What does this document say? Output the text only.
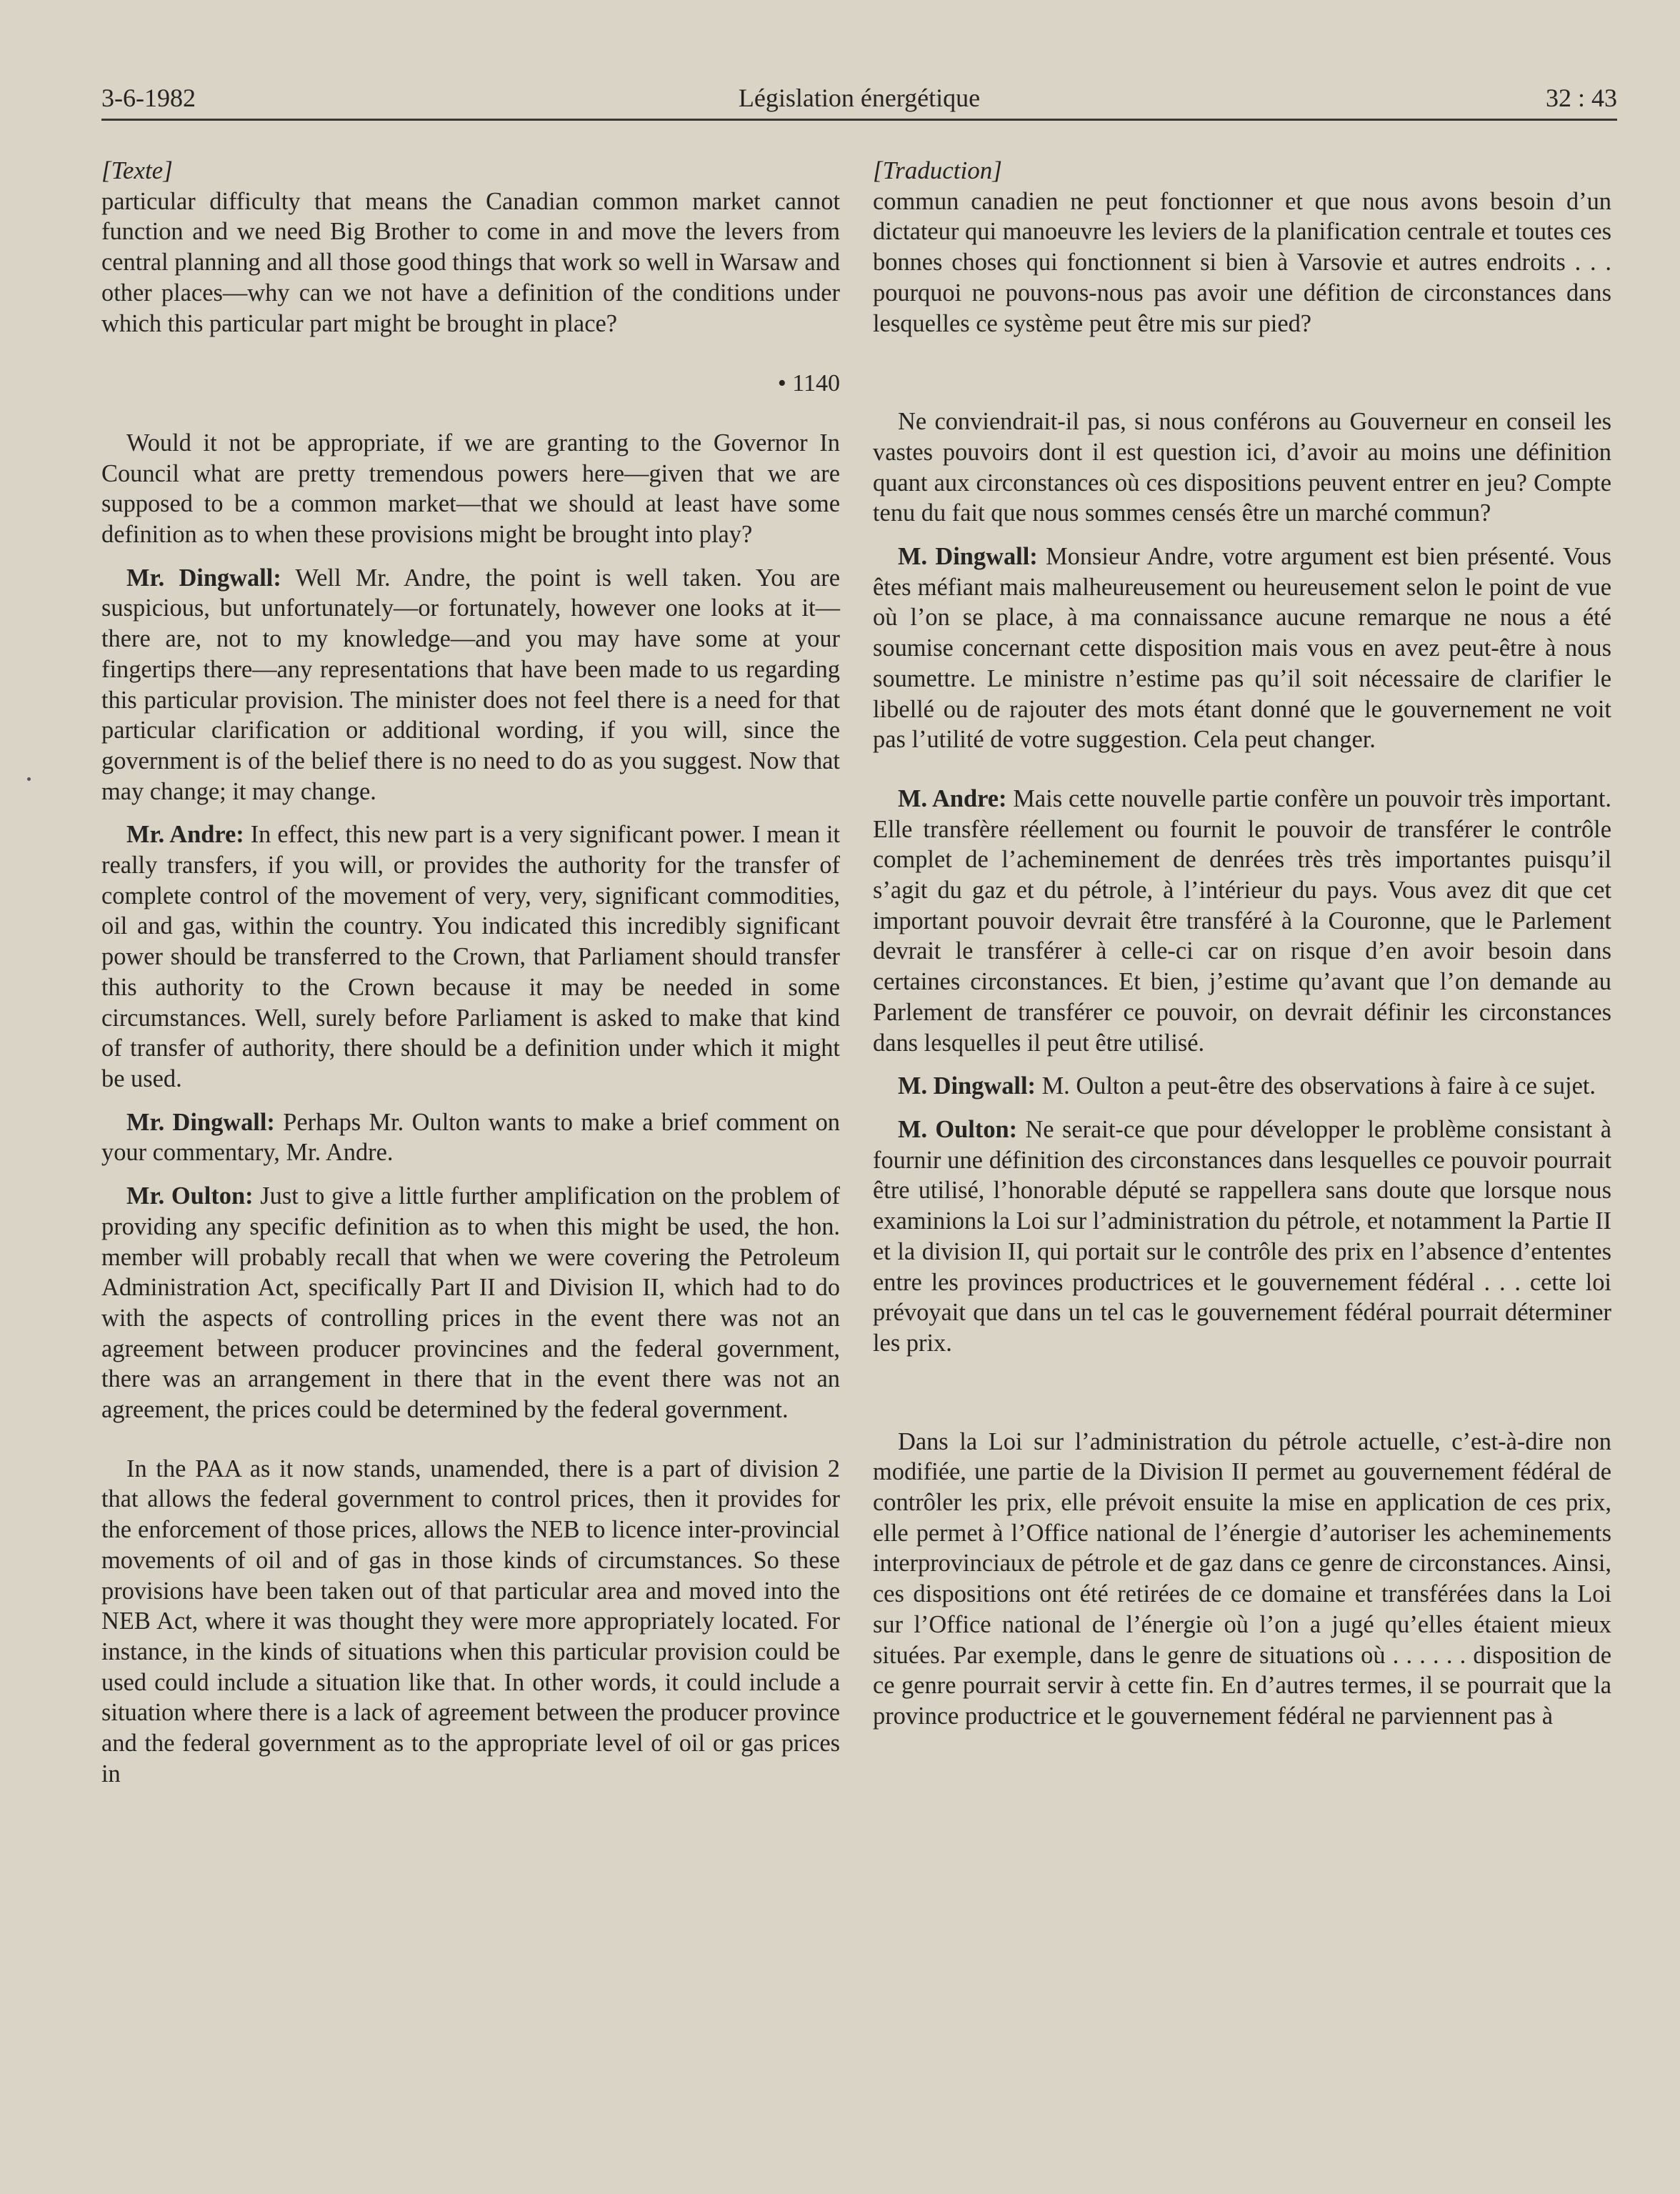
3-6-1982	Législation énergétique	32 : 43

[Texte]

particular difficulty that means the Canadian common market cannot function and we need Big Brother to come in and move the levers from central planning and all those good things that work so well in Warsaw and other places—why can we not have a definition of the conditions under which this particular part might be brought in place?

• 1140

Would it not be appropriate, if we are granting to the Governor In Council what are pretty tremendous powers here—given that we are supposed to be a common market—that we should at least have some definition as to when these provisions might be brought into play?

Mr. Dingwall: Well Mr. Andre, the point is well taken. You are suspicious, but unfortunately—or fortunately, however one looks at it—there are, not to my knowledge—and you may have some at your fingertips there—any representations that have been made to us regarding this particular provision. The minister does not feel there is a need for that particular clarification or additional wording, if you will, since the government is of the belief there is no need to do as you suggest. Now that may change; it may change.

Mr. Andre: In effect, this new part is a very significant power. I mean it really transfers, if you will, or provides the authority for the transfer of complete control of the movement of very, very, significant commodities, oil and gas, within the country. You indicated this incredibly significant power should be transferred to the Crown, that Parliament should transfer this authority to the Crown because it may be needed in some circumstances. Well, surely before Parliament is asked to make that kind of transfer of authority, there should be a definition under which it might be used.

Mr. Dingwall: Perhaps Mr. Oulton wants to make a brief comment on your commentary, Mr. Andre.

Mr. Oulton: Just to give a little further amplification on the problem of providing any specific definition as to when this might be used, the hon. member will probably recall that when we were covering the Petroleum Administration Act, specifically Part II and Division II, which had to do with the aspects of controlling prices in the event there was not an agreement between producer provincines and the federal government, there was an arrangement in there that in the event there was not an agreement, the prices could be determined by the federal government.

In the PAA as it now stands, unamended, there is a part of division 2 that allows the federal government to control prices, then it provides for the enforcement of those prices, allows the NEB to licence inter-provincial movements of oil and of gas in those kinds of circumstances. So these provisions have been taken out of that particular area and moved into the NEB Act, where it was thought they were more appropriately located. For instance, in the kinds of situations when this particular provision could be used could include a situation like that. In other words, it could include a situation where there is a lack of agreement between the producer province and the federal government as to the appropriate level of oil or gas prices in

[Traduction]

commun canadien ne peut fonctionner et que nous avons besoin d’un dictateur qui manoeuvre les leviers de la planification centrale et toutes ces bonnes choses qui fonctionnent si bien à Varsovie et autres endroits . . . pourquoi ne pouvons-nous pas avoir une défition de circonstances dans lesquelles ce système peut être mis sur pied?

Ne conviendrait-il pas, si nous conférons au Gouverneur en conseil les vastes pouvoirs dont il est question ici, d’avoir au moins une définition quant aux circonstances où ces dispositions peuvent entrer en jeu? Compte tenu du fait que nous sommes censés être un marché commun?

M. Dingwall: Monsieur Andre, votre argument est bien présenté. Vous êtes méfiant mais malheureusement ou heureusement selon le point de vue où l’on se place, à ma connaissance aucune remarque ne nous a été soumise concernant cette disposition mais vous en avez peut-être à nous soumettre. Le ministre n’estime pas qu’il soit nécessaire de clarifier le libellé ou de rajouter des mots étant donné que le gouvernement ne voit pas l’utilité de votre suggestion. Cela peut changer.

M. Andre: Mais cette nouvelle partie confère un pouvoir très important. Elle transfère réellement ou fournit le pouvoir de transférer le contrôle complet de l’acheminement de denrées très très importantes puisqu’il s’agit du gaz et du pétrole, à l’intérieur du pays. Vous avez dit que cet important pouvoir devrait être transféré à la Couronne, que le Parlement devrait le transférer à celle-ci car on risque d’en avoir besoin dans certaines circonstances. Et bien, j’estime qu’avant que l’on demande au Parlement de transférer ce pouvoir, on devrait définir les circonstances dans lesquelles il peut être utilisé.

M. Dingwall: M. Oulton a peut-être des observations à faire à ce sujet.

M. Oulton: Ne serait-ce que pour développer le problème consistant à fournir une définition des circonstances dans lesquelles ce pouvoir pourrait être utilisé, l’honorable député se rappellera sans doute que lorsque nous examinions la Loi sur l’administration du pétrole, et notamment la Partie II et la division II, qui portait sur le contrôle des prix en l’absence d’ententes entre les provinces productrices et le gouvernement fédéral . . . cette loi prévoyait que dans un tel cas le gouvernement fédéral pourrait déterminer les prix.

Dans la Loi sur l’administration du pétrole actuelle, c’est-à-dire non modifiée, une partie de la Division II permet au gouvernement fédéral de contrôler les prix, elle prévoit ensuite la mise en application de ces prix, elle permet à l’Office national de l’énergie d’autoriser les acheminements interprovinciaux de pétrole et de gaz dans ce genre de circonstances. Ainsi, ces dispositions ont été retirées de ce domaine et transférées dans la Loi sur l’Office national de l’énergie où l’on a jugé qu’elles étaient mieux situées. Par exemple, dans le genre de situations où . . . . . . disposition de ce genre pourrait servir à cette fin. En d’autres termes, il se pourrait que la province productrice et le gouvernement fédéral ne parviennent pas à
